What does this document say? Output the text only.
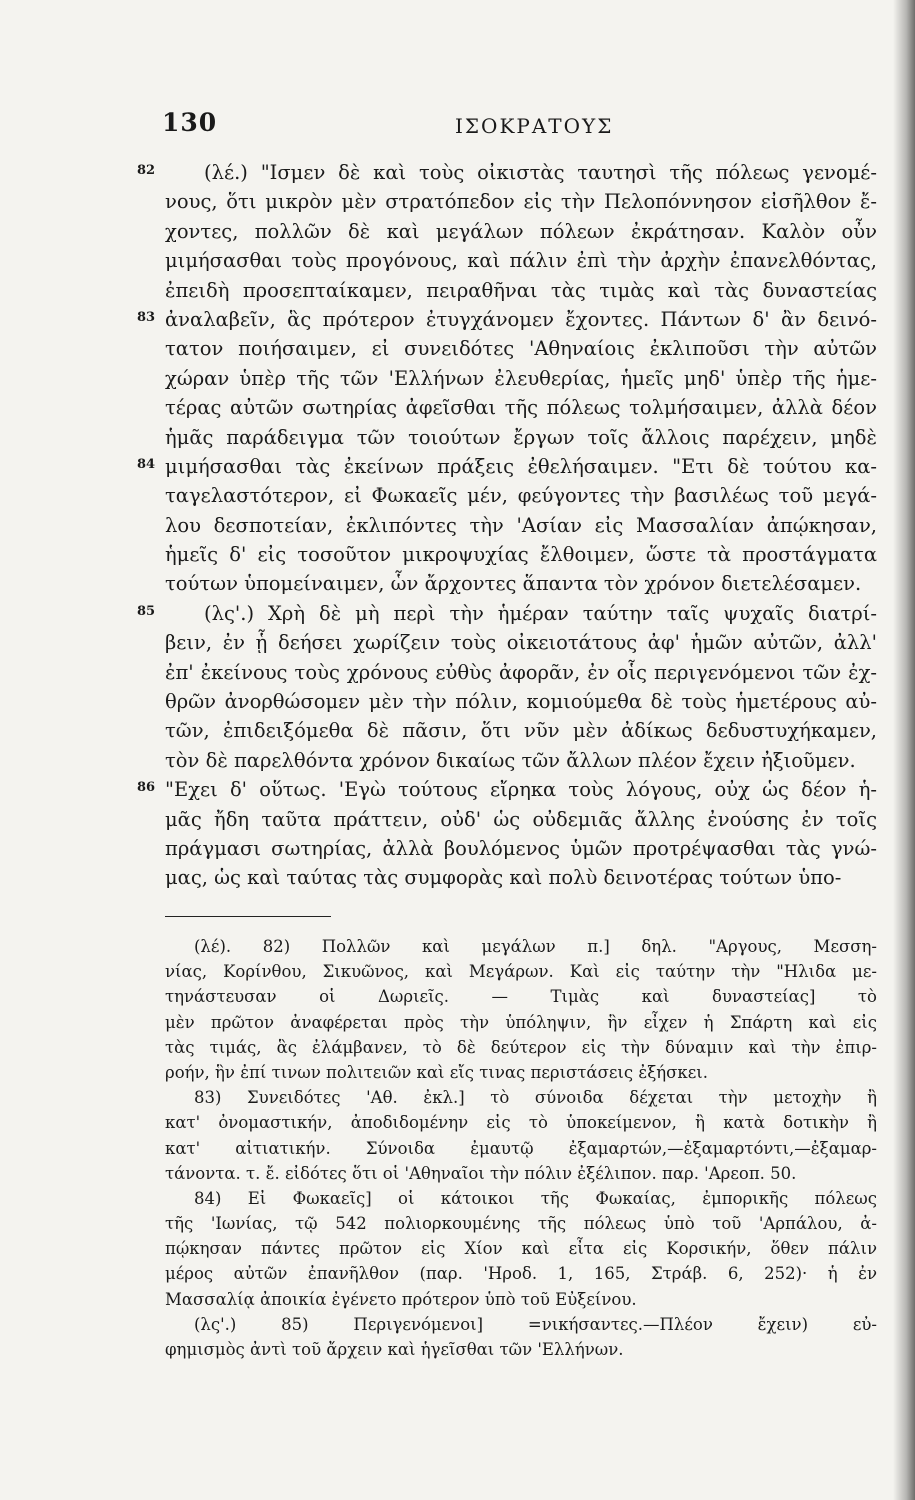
130	ΙΣΟΚΡΑΤΟΥΣ
82	(λέ.) "Ισμεν δὲ καὶ τοὺς οἰκιστὰς ταυτησὶ τῆς πόλεως γενομέ-
νους, ὅτι μικρὸν μὲν στρατόπεδον εἰς τὴν Πελοπόννησον εἰσῆλθον ἔ-
χοντες, πολλῶν δὲ καὶ μεγάλων πόλεων ἐκράτησαν. Καλὸν οὖν
μιμήσασθαι τοὺς προγόνους, καὶ πάλιν ἐπὶ τὴν ἀρχὴν ἐπανελθόντας,
ἐπειδὴ προσεπταίκαμεν, πειραθῆναι τὰς τιμὰς καὶ τὰς δυναστείας
83 ἀναλαβεῖν, ἃς πρότερον ἐτυγχάνομεν ἔχοντες. Πάντων δ' ἂν δεινό-
τατον ποιήσαιμεν, εἰ συνειδότες 'Αθηναίοις ἐκλιποῦσι τὴν αὐτῶν
χώραν ὑπὲρ τῆς τῶν 'Ελλήνων ἐλευθερίας, ἡμεῖς μηδ' ὑπὲρ τῆς ἡμε-
τέρας αὐτῶν σωτηρίας ἀφεῖσθαι τῆς πόλεως τολμήσαιμεν, ἀλλὰ δέον
ἡμᾶς παράδειγμα τῶν τοιούτων ἔργων τοῖς ἄλλοις παρέχειν, μηδὲ
84 μιμήσασθαι τὰς ἐκείνων πράξεις ἐθελήσαιμεν. "Ετι δὲ τούτου κα-
ταγελαστότερον, εἰ Φωκαεῖς μέν, φεύγοντες τὴν βασιλέως τοῦ μεγά-
λου δεσποτείαν, ἐκλιπόντες τὴν 'Ασίαν εἰς Μασσαλίαν ἀπῴκησαν,
ἡμεῖς δ' εἰς τοσοῦτον μικροψυχίας ἔλθοιμεν, ὥστε τὰ προστάγματα
τούτων ὑπομείναιμεν, ὧν ἄρχοντες ἅπαντα τὸν χρόνον διετελέσαμεν.
85	(λς'.) Χρὴ δὲ μὴ περὶ τὴν ἡμέραν ταύτην ταῖς ψυχαῖς διατρί-
βειν, ἐν ᾗ δεήσει χωρίζειν τοὺς οἰκειοτάτους ἀφ' ἡμῶν αὐτῶν, ἀλλ'
ἐπ' ἐκείνους τοὺς χρόνους εὐθὺς ἀφορᾶν, ἐν οἷς περιγενόμενοι τῶν ἐχ-
θρῶν ἀνορθώσομεν μὲν τὴν πόλιν, κομιούμεθα δὲ τοὺς ἡμετέρους αὐ-
τῶν, ἐπιδειξόμεθα δὲ πᾶσιν, ὅτι νῦν μὲν ἀδίκως δεδυστυχήκαμεν,
τὸν δὲ παρελθόντα χρόνον δικαίως τῶν ἄλλων πλέον ἔχειν ἠξιοῦμεν.
86 "Εχει δ' οὕτως. 'Εγὼ τούτους εἴρηκα τοὺς λόγους, οὐχ ὡς δέον ἡ-
μᾶς ἤδη ταῦτα πράττειν, οὐδ' ὡς οὐδεμιᾶς ἄλλης ἐνούσης ἐν τοῖς
πράγμασι σωτηρίας, ἀλλὰ βουλόμενος ὑμῶν προτρέψασθαι τὰς γνώ-
μας, ὡς καὶ ταύτας τὰς συμφορὰς καὶ πολὺ δεινοτέρας τούτων ὑπο-
(λέ). 82) Πολλῶν καὶ μεγάλων π.] δηλ. "Αργους, Μεσση-
νίας, Κορίνθου, Σικυῶνος, καὶ Μεγάρων. Καὶ εἰς ταύτην τὴν "Ηλιδα με-
τηνάστευσαν οἱ Δωριεῖς. — Τιμὰς καὶ δυναστείας] τὸ
μὲν πρῶτον ἀναφέρεται πρὸς τὴν ὑπόληψιν, ἣν εἶχεν ἡ Σπάρτη καὶ εἰς
τὰς τιμάς, ἃς ἐλάμβανεν, τὸ δὲ δεύτερον εἰς τὴν δύναμιν καὶ τὴν ἐπιρ-
ροήν, ἣν ἐπί τινων πολιτειῶν καὶ εἴς τινας περιστάσεις ἐξήσκει.
83) Συνειδότες 'Αθ. ἐκλ.] τὸ σύνοιδα δέχεται τὴν μετοχὴν ἢ
κατ' ὀνομαστικήν, ἀποδιδομένην εἰς τὸ ὑποκείμενον, ἢ κατὰ δοτικὴν ἢ
κατ' αἰτιατικήν. Σύνοιδα ἐμαυτῷ ἐξαμαρτών,—ἐξαμαρτόντι,—ἐξαμαρ-
τάνοντα. τ. ἔ. εἰδότες ὅτι οἱ 'Αθηναῖοι τὴν πόλιν ἐξέλιπον. παρ. 'Αρεοπ. 50.
84) Εἰ Φωκαεῖς] οἱ κάτοικοι τῆς Φωκαίας, ἐμπορικῆς πόλεως
τῆς 'Ιωνίας, τῷ 542 πολιορκουμένης τῆς πόλεως ὑπὸ τοῦ 'Αρπάλου, ἀ-
πῴκησαν πάντες πρῶτον εἰς Χίον καὶ εἶτα εἰς Κορσικήν, ὅθεν πάλιν
μέρος αὐτῶν ἐπανῆλθον (παρ. 'Ηροδ. 1, 165, Στράβ. 6, 252)· ἡ ἐν
Μασσαλίᾳ ἀποικία ἐγένετο πρότερον ὑπὸ τοῦ Εὐξείνου.
(λς'.) 85) Περιγενόμενοι] =νικήσαντες.—Πλέον ἔχειν) εὐ-
φημισμὸς ἀντὶ τοῦ ἄρχειν καὶ ἡγεῖσθαι τῶν 'Ελλήνων.
